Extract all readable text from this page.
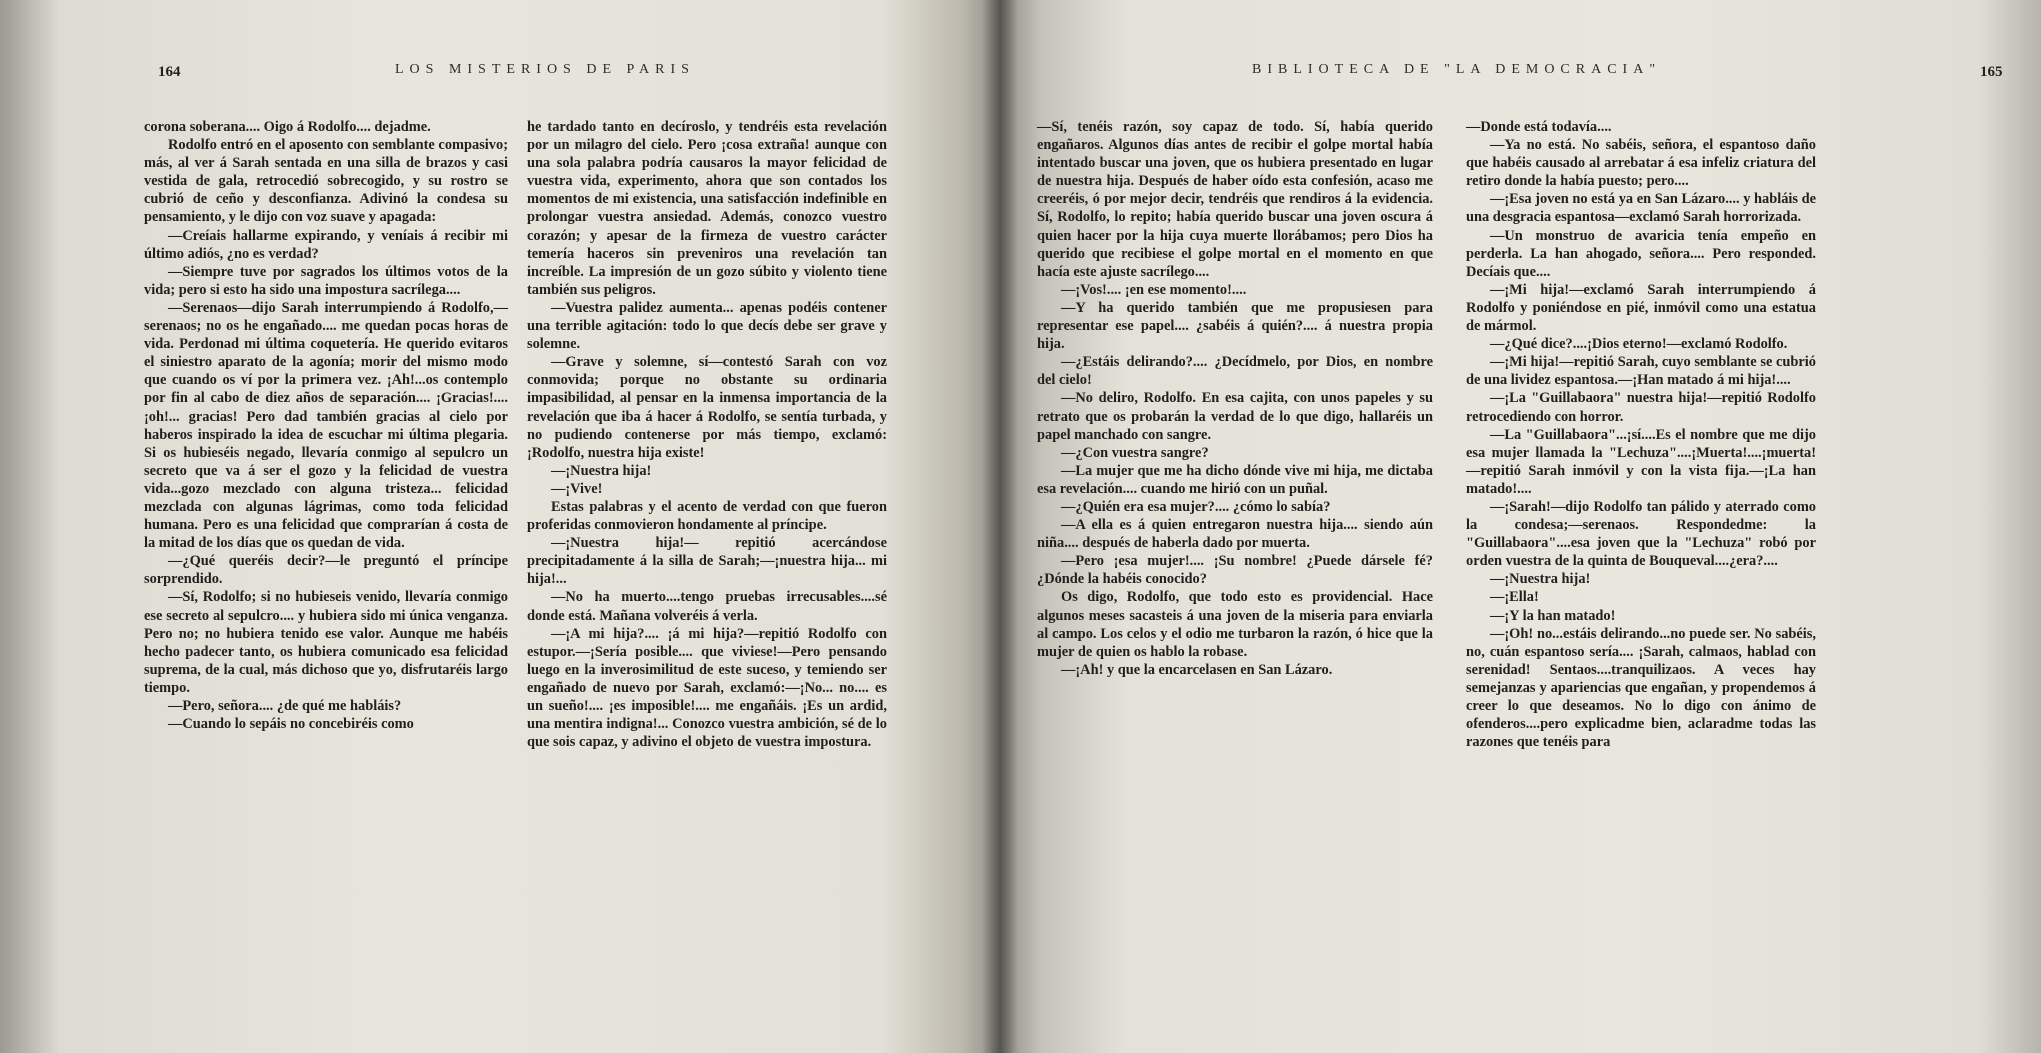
164	LOS MISTERIOS DE PARIS

corona soberana.... Oigo á Rodolfo.... dejadme.

Rodolfo entró en el aposento con semblante compasivo; más, al ver á Sarah sentada en una silla de brazos y casi vestida de gala, retrocedió sobrecogido, y su rostro se cubrió de ceño y desconfianza. Adivinó la condesa su pensamiento, y le dijo con voz suave y apagada:

—Creíais hallarme expirando, y veníais á recibir mi último adiós, ¿no es verdad?

—Siempre tuve por sagrados los últimos votos de la vida; pero si esto ha sido una impostura sacrílega....

—Serenaos—dijo Sarah interrumpiendo á Rodolfo,—serenaos; no os he engañado.... me quedan pocas horas de vida. Perdonad mi última coquetería. He querido evitaros el siniestro aparato de la agonía; morir del mismo modo que cuando os ví por la primera vez. ¡Ah!...os contemplo por fin al cabo de diez años de separación.... ¡Gracias!.... ¡oh!... gracias! Pero dad también gracias al cielo por haberos inspirado la idea de escuchar mi última plegaria. Si os hubieséis negado, llevaría conmigo al sepulcro un secreto que va á ser el gozo y la felicidad de vuestra vida...gozo mezclado con alguna tristeza... felicidad mezclada con algunas lágrimas, como toda felicidad humana. Pero es una felicidad que comprarían á costa de la mitad de los días que os quedan de vida.

—¿Qué queréis decir?—le preguntó el príncipe sorprendido.

—Sí, Rodolfo; si no hubieseis venido, llevaría conmigo ese secreto al sepulcro.... y hubiera sido mi única venganza. Pero no; no hubiera tenido ese valor. Aunque me habéis hecho padecer tanto, os hubiera comunicado esa felicidad suprema, de la cual, más dichoso que yo, disfrutaréis largo tiempo.

—Pero, señora.... ¿de qué me habláis?

—Cuando lo sepáis no concebiréis como

he tardado tanto en decíroslo, y tendréis esta revelación por un milagro del cielo. Pero ¡cosa extraña! aunque con una sola palabra podría causaros la mayor felicidad de vuestra vida, experimento, ahora que son contados los momentos de mi existencia, una satisfacción indefinible en prolongar vuestra ansiedad. Además, conozco vuestro corazón; y apesar de la firmeza de vuestro carácter temería haceros sin preveniros una revelación tan increíble. La impresión de un gozo súbito y violento tiene también sus peligros.

—Vuestra palidez aumenta... apenas podéis contener una terrible agitación: todo lo que decís debe ser grave y solemne.

—Grave y solemne, sí—contestó Sarah con voz conmovida; porque no obstante su ordinaria impasibilidad, al pensar en la inmensa importancia de la revelación que iba á hacer á Rodolfo, se sentía turbada, y no pudiendo contenerse por más tiempo, exclamó: ¡Rodolfo, nuestra hija existe!

—¡Nuestra hija!

—¡Vive!

Estas palabras y el acento de verdad con que fueron proferidas conmovieron hondamente al príncipe.

—¡Nuestra hija!— repitió acercándose precipitadamente á la silla de Sarah;—¡nuestra hija... mi hija!...

—No ha muerto....tengo pruebas irrecusables....sé donde está. Mañana volveréis á verla.

—¡A mi hija?.... ¡á mi hija?—repitió Rodolfo con estupor.—¡Sería posible.... que viviese!—Pero pensando luego en la inverosimilitud de este suceso, y temiendo ser engañado de nuevo por Sarah, exclamó:—¡No... no.... es un sueño!.... ¡es imposible!.... me engañáis. ¡Es un ardid, una mentira indigna!... Conozco vuestra ambición, sé de lo que sois capaz, y adivino el objeto de vuestra impostura.

BIBLIOTECA DE "LA DEMOCRACIA"	165

—Sí, tenéis razón, soy capaz de todo. Sí, había querido engañaros. Algunos días antes de recibir el golpe mortal había intentado buscar una joven, que os hubiera presentado en lugar de nuestra hija. Después de haber oído esta confesión, acaso me creeréis, ó por mejor decir, tendréis que rendiros á la evidencia. Sí, Rodolfo, lo repito; había querido buscar una joven oscura á quien hacer por la hija cuya muerte llorábamos; pero Dios ha querido que recibiese el golpe mortal en el momento en que hacía este ajuste sacrílego....

—¡Vos!.... ¡en ese momento!....

—Y ha querido también que me propusiesen para representar ese papel.... ¿sabéis á quién?.... á nuestra propia hija.

—¿Estáis delirando?.... ¿Decídmelo, por Dios, en nombre del cielo!

—No deliro, Rodolfo. En esa cajita, con unos papeles y su retrato que os probarán la verdad de lo que digo, hallaréis un papel manchado con sangre.

—¿Con vuestra sangre?

—La mujer que me ha dicho dónde vive mi hija, me dictaba esa revelación.... cuando me hirió con un puñal.

—¿Quién era esa mujer?.... ¿cómo lo sabía?

—A ella es á quien entregaron nuestra hija.... siendo aún niña.... después de haberla dado por muerta.

—Pero ¡esa mujer!.... ¡Su nombre! ¿Puede dársele fé? ¿Dónde la habéis conocido?

Os digo, Rodolfo, que todo esto es providencial. Hace algunos meses sacasteis á una joven de la miseria para enviarla al campo. Los celos y el odio me turbaron la razón, ó hice que la mujer de quien os hablo la robase.

—¡Ah! y que la encarcelasen en San Lázaro.

—Donde está todavía....

—Ya no está. No sabéis, señora, el espantoso daño que habéis causado al arrebatar á esa infeliz criatura del retiro donde la había puesto; pero....

—¡Esa joven no está ya en San Lázaro.... y habláis de una desgracia espantosa—exclamó Sarah horrorizada.

—Un monstruo de avaricia tenía empeño en perderla. La han ahogado, señora.... Pero responded. Decíais que....

—¡Mi hija!—exclamó Sarah interrumpiendo á Rodolfo y poniéndose en pié, inmóvil como una estatua de mármol.

—¿Qué dice?....¡Dios eterno!—exclamó Rodolfo.

—¡Mi hija!—repitió Sarah, cuyo semblante se cubrió de una lividez espantosa.—¡Han matado á mi hija!....

—¡La "Guillabaora" nuestra hija!—repitió Rodolfo retrocediendo con horror.

—La "Guillabaora"...¡sí....Es el nombre que me dijo esa mujer llamada la "Lechuza"....¡Muerta!....¡muerta!—repitió Sarah inmóvil y con la vista fija.—¡La han matado!....

—¡Sarah!—dijo Rodolfo tan pálido y aterrado como la condesa;—serenaos. Respondedme: la "Guillabaora"....esa joven que la "Lechuza" robó por orden vuestra de la quinta de Bouqueval....¿era?....

—¡Nuestra hija!

—¡Ella!

—¡Y la han matado!

—¡Oh! no...estáis delirando...no puede ser. No sabéis, no, cuán espantoso sería.... ¡Sarah, calmaos, hablad con serenidad! Sentaos....tranquilizaos. A veces hay semejanzas y apariencias que engañan, y propendemos á creer lo que deseamos. No lo digo con ánimo de ofenderos....pero explicadme bien, aclaradme todas las razones que tenéis para
